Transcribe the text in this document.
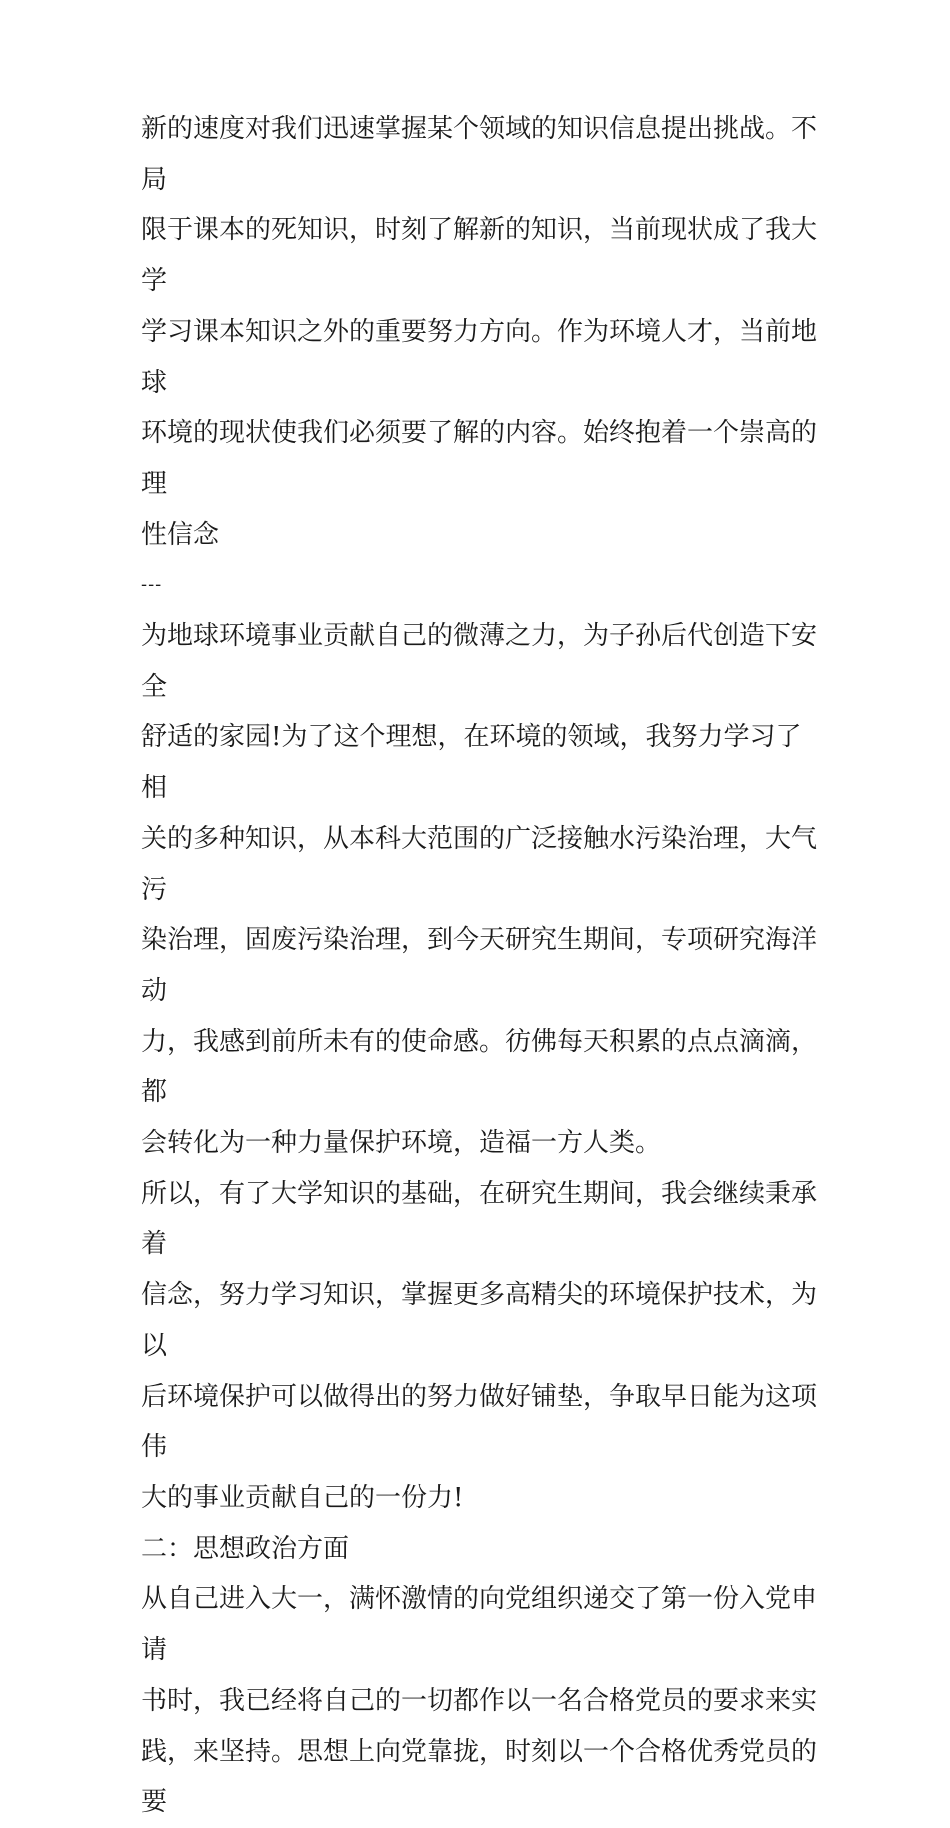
新的速度对我们迅速掌握某个领域的知识信息提出挑战。不局
限于课本的死知识，时刻了解新的知识，当前现状成了我大学
学习课本知识之外的重要努力方向。作为环境人才，当前地球
环境的现状使我们必须要了解的内容。始终抱着一个崇高的理
性信念

---

为地球环境事业贡献自己的微薄之力，为子孙后代创造下安全
舒适的家园!为了这个理想，在环境的领域，我努力学习了相
关的多种知识，从本科大范围的广泛接触水污染治理，大气污
染治理，固废污染治理，到今天研究生期间，专项研究海洋动
力，我感到前所未有的使命感。彷佛每天积累的点点滴滴，都
会转化为一种力量保护环境，造福一方人类。

所以，有了大学知识的基础，在研究生期间，我会继续秉承着
信念，努力学习知识，掌握更多高精尖的环境保护技术，为以
后环境保护可以做得出的努力做好铺垫，争取早日能为这项伟
大的事业贡献自己的一份力!

二：思想政治方面

从自己进入大一，满怀激情的向党组织递交了第一份入党申请
书时，我已经将自己的一切都作以一名合格党员的要求来实
践，来坚持。思想上向党靠拢，时刻以一个合格优秀党员的要
